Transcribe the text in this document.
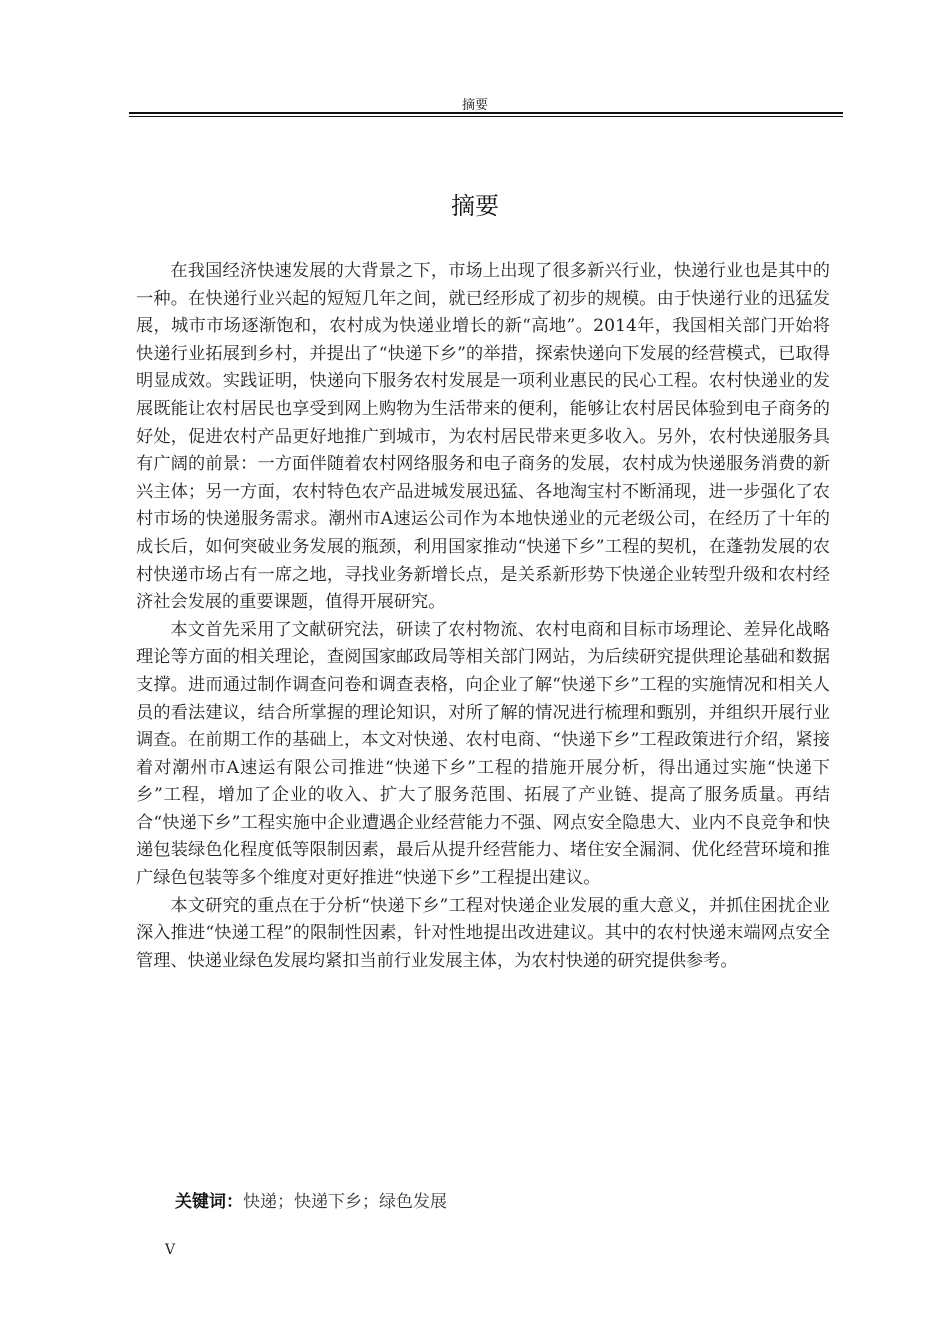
摘要
摘要

在我国经济快速发展的大背景之下，市场上出现了很多新兴行业，快递行业也是其中的一种。在快递行业兴起的短短几年之间，就已经形成了初步的规模。由于快递行业的迅猛发展，城市市场逐渐饱和，农村成为快递业增长的新“高地”。2014年，我国相关部门开始将快递行业拓展到乡村，并提出了“快递下乡”的举措，探索快递向下发展的经营模式，已取得明显成效。实践证明，快递向下服务农村发展是一项利业惠民的民心工程。农村快递业的发展既能让农村居民也享受到网上购物为生活带来的便利，能够让农村居民体验到电子商务的好处，促进农村产品更好地推广到城市，为农村居民带来更多收入。另外，农村快递服务具有广阔的前景：一方面伴随着农村网络服务和电子商务的发展，农村成为快递服务消费的新兴主体；另一方面，农村特色农产品进城发展迅猛、各地淘宝村不断涌现，进一步强化了农村市场的快递服务需求。潮州市A速运公司作为本地快递业的元老级公司，在经历了十年的成长后，如何突破业务发展的瓶颈，利用国家推动“快递下乡”工程的契机，在蓬勃发展的农村快递市场占有一席之地，寻找业务新增长点，是关系新形势下快递企业转型升级和农村经济社会发展的重要课题，值得开展研究。

本文首先采用了文献研究法，研读了农村物流、农村电商和目标市场理论、差异化战略理论等方面的相关理论，查阅国家邮政局等相关部门网站，为后续研究提供理论基础和数据支撑。进而通过制作调查问卷和调查表格，向企业了解“快递下乡”工程的实施情况和相关人员的看法建议，结合所掌握的理论知识，对所了解的情况进行梳理和甄别，并组织开展行业调查。在前期工作的基础上，本文对快递、农村电商、“快递下乡”工程政策进行介绍，紧接着对潮州市A速运有限公司推进“快递下乡”工程的措施开展分析，得出通过实施“快递下乡”工程，增加了企业的收入、扩大了服务范围、拓展了产业链、提高了服务质量。再结合“快递下乡”工程实施中企业遭遇企业经营能力不强、网点安全隐患大、业内不良竞争和快递包装绿色化程度低等限制因素，最后从提升经营能力、堵住安全漏洞、优化经营环境和推广绿色包装等多个维度对更好推进“快递下乡”工程提出建议。

本文研究的重点在于分析“快递下乡”工程对快递企业发展的重大意义，并抓住困扰企业深入推进“快递工程”的限制性因素，针对性地提出改进建议。其中的农村快递末端网点安全管理、快递业绿色发展均紧扣当前行业发展主体，为农村快递的研究提供参考。

关键词：快递；快递下乡；绿色发展
V
